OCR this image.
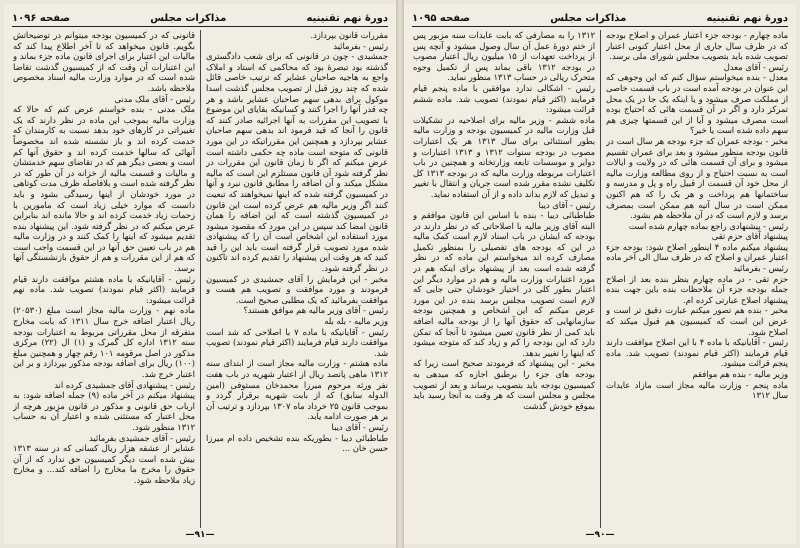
دورهٔ نهم تقنینیه
مذاکرات مجلس
صفحه ۱۰۹۶

مقررات قانون بپردازد.

رئیس - بفرمائید

جمشیدی - چون در قانونی که برای شعب دادگستری گذشته بود تبصرهٔ بود که محاکمی که استاد و املاک واجع به هاجیه صاحبان عشایر که ترتیب خاصی قائل شده که چند روز قبل از تصویب مجلس گذشت اسدا موکول برای بدهی سهم صاحبان عشایر باشد و هر چه قدر آنها را اجرا کنند و کسانیکه بقایای این موضوع با تصویب این مقررات به آنها اجرائیه صادر کنند که قانون را آنجا که قید فرمود اند بدهی سهم صاحبان عشایر بپردازد و همچنین این مقرراتیکه در این مورد قانونی که متوجه است ماده چه حکمی داشته است عرض میکنم که اگر تا زمان قانون این مقررات در نظر گرفته شود آن قانون مستلزم این است که مالیه مشکل میکند و آن اضافه را مطابق قانون نبرد و آنها در کمیسیون گرفته شده که اینها نمیخواهند که تبعیت کنند اگر وزیر مالیه هم عرض کرده است این قانون در کمیسیون گذشته است که این اضافه را همان قانون امضا کند سپس در این مورد که مقصود میشود مورد استفاده این اشخاص است آن را که پیشنهادی شده مورد تصویب قرار گرفته است باید این را قید کنید که هر وقت این پیشنهاد را تقدیم کرده اند تاکنون در نظر گرفته شود.

مخبر - این فرمایش را آقای جمشیدی در کمیسیون فرمودند و مورد موافقت و تصویب هم هست و موافقت بفرمائید که یک مطلبی صحیح است.

رئیس - آقای وزیر مالیه هم موافق هستند؟

وزیر مالیه - بله بله

رئیس - آقایانیکه با ماده ۷ با اصلاحی که شد است موافقت دارند قیام فرمایند (اکثر قیام نمودند) تصویب شد.

ماده هشتم - وزارت مالیه مجاز است از ابتدای سنه ۱۳۱۲ ماهی پانصد ریال از اعتبار شهریه در باب هفت نفر ورثه مرحوم میرزا محمدخان مستوفی (امین الدوله سابق) که از بابت شهریه برقرار گردد و بموجب قانون ۲۵ خرداد ماه ۱۳۰۷ بپردازد و ترتیب آن بر هر صورت ادامه یابد.

رئیس - آقای دیبا

طباطبائی دیبا - بطوریکه بنده تشخیص داده ام میرزا حسن خان ...

قانونی که در کمیسیون بودجه میتوانم در توضیحاتش بگویم. قانون میخواهد که تا آخر اطلاع پیدا کند که مالیات این اعتبار برای اجرای قانون ماده جزء بماند و این اعتبارات آن وقت که از کمیسیون گذشت تقاضا شده است که در موارد وزارت مالیه اسناد مخصوص ملاحظه باشد.

رئیس - آقای ملک مدنی

ملک مدنی - بنده خواستم عرض کنم که حالا که وزارت مالیه بموجب این ماده در نظر دارند که یک تغییراتی در کارهای خود بدهد نسبت به کارمندان که خدمت کرده اند و باز نشسته شده اند مخصوصاً آنهائی که سالها خدمت کرده اند و حقوق آنها کم است و بعضی دیگر هم که در تقاضای سهم خدمتشان و مالیات و قسمت مالیه از خزانه در آن طور که در نظر گرفته شده است و بلافاصله ظرف مدت کوتاهی در مورد خودشان از اینها رسیدگی بشود و باید دانست که موارد خیلی زیاد است که مامورین با زحمات زیاد خدمت کرده اند و حالا مانده اند بنابراین عرض میکنم که در نظر گرفته شود. این پیشنهاد بنده تقدیم میشود که اینها را کمک کنند و در وزارت مالیه هم در باب تعیین حق آنها در این قسمت واجب است که هم از این مقررات و هم از حقوق بازنشستگی آنها برسد.

رئیس - آقایانیکه با ماده هشتم موافقت دارند قیام فرمایند (اکثر قیام نمودند) تصویب شد. ماده نهم قرائت میشود:

ماده نهم - وزارت مالیه مجاز است مبلغ (۲۰۵۳۰) ریال اعتبار اضافه خرج سال ۱۳۱۱ که بابت مخارج متفرقه از محل مقرراتی مربوط به اعتبارات بودجه سنه ۱۳۱۲ اداره کل گمرک و (۱) ال (۲۲) مرکزی مذکور در اصل مرقومه ۱۰۱ رقم چهار و همچنین مبلغ (۱۰۰) ریال برای اضافه بودجه مذکور بپردازد و بر این اعتبار خرج شد.

رئیس - پیشنهادی آقای جمشیدی کرده اند

پیشنهاد میکنم در آخر ماده (۹) جمله اضافه شود: به ارباب حق قانونی و مذکور در قانون مزبور هرچه از محل اعتبار که مستثنی شده و اعتبار آن به حساب ۱۳۱۲ منظور شود.

رئیس - آقای جمشیدی بفرمائید

عشایر از عشقه هزار ریال کسانی که در سنه ۱۳۱۳ بیش شده است دیگر کمیسیون حق ندارد که از آن حقوق را مخرج ما مخارج را اضافه کند... و مخارج زیاد ملاحظه شود.

—۹۱—
دورهٔ نهم تقنینیه
مذاکرات مجلس
صفحه ۱۰۹۵

ماده چهارم - بودجه جزء اعتبار عمران و اصلاح بودجه که در ظرف سال جاری از محل اعتبار کنونی اعتبار تصویب شده باید بتصویب مجلس شورای ملی برسد.

رئیس - آقای معدل

معدل - بنده میخواستم سؤال کنم که این وجوهی که این عنوان در بودجه آمده است در باب قسمت خاصی از مملکت صرف میشود و یا اینکه یک جا در یک محل تمرکز دارد و اگر در آن قسمت هائی که احتیاج بوده است مصرف میشود و آیا از این قسمتها چیزی هم سهم داده شده است یا خیر؟

مخبر - بودجه عمران که جزء بودجه هر سال است در قانون بودجه منظور میشود و بعد برای عمران تقسیم میشود و برای آن قسمت هائی که در ولایت و ایالات است به نسبت احتیاج و از روی مطالعه وزارت مالیه از محل خود آن قسمت از قبیل راه و پل و مدرسه و ساختمانها هم پرداخت و هر یک را که هم اکنون ممکن است در سال آتیه هم ممکن است بمصرف برسد و لازم است که در آن ملاحظه هم بشود.

رئیس - پیشنهادی راجع بماده چهارم شده است

پیشنهاد آقای حزم تقی

پیشنهاد میکنم ماده ۴ اینطور اصلاح شود: بودجه جزء اعتبار عمران و اصلاح که در ظرف سال الی آخر ماده

رئیس - بفرمائید

حزم تقی - در ماده چهارم بنظر بنده بعد از اصلاح جمله بودجه جزء آن ملاحظات بنده باین جهت بنده پیشنهاد اصلاح عبارتی کرده ام.

مخبر - بنده هم تصور میکنم عبارت دقیق تر است و عرض این است که کمیسیون هم قبول میکند که اصلاح شود.

رئیس - آقایانیکه با ماده ۴ با این اصلاح موافقت دارند قیام فرمایند (اکثر قیام نمودند) تصویب شد. ماده پنجم قرائت میشود.

وزیر مالیه - بنده هم موافقم

ماده پنجم - وزارت مالیه مجاز است مازاد عایدات سال ۱۳۱۲

۱۳۱۲ را به مصارفی که بابت عایدات سنه مزبور پس از ختم دورهٔ عمل آن سال وصول میشود و آنچه پس از پرداخت تعهدات از ۱۵ میلیون ریال اعتبار مصوب در بودجه ۱۳۱۲ باقی بماند پس از تکمیل وجوه متحرک ریالی در حساب ۱۳۱۳ منظور نماید.

رئیس - اشکالی ندارد موافقین با ماده پنجم قیام فرمایند (اکثر قیام نمودند) تصویب شد. ماده ششم قرائت میشود:

ماده ششم - وزیر مالیه برای اصلاحیه در تشکیلات قبل وزارت مالیه در کمیسیون بودجه و وزارت مالیه بطور استثنائی برای سال ۱۳۱۳ هر یک اعتبارات مصوب در بودجه سنوات ۱۳۱۲ و ۱۳۱۳ اعتبارات و دوایر و موسسات تابعه وزارتخانه و همچنین در باب اعتبارات مربوطه وزارت مالیه که در بودجه ۱۳۱۳ کل تکلیف نشده مقرر شده است جریان و انتقال با تغییر و تبدیل که لازم بداند داده و از آن استفاده نماید.

رئیس - آقای دیبا

طباطبائی دیبا - بنده با اساس این قانون موافقم و البته آقای وزیر مالیه با اصلاحاتی که در نظر دارند در بودجه که ایشان در باب اسناد لازم است کمک مالیه در این که بودجه های تفصیلی را بمنظور تکمیل مصارف کرده اند میخواستم این ماده که در نظر گرفته شده است بعد از پیشنهاد برای اینکه هم در مورد اعتبارات وزارت مالیه و هم در موارد دیگر این اعتبار بطور کلی در اختیار خودشان حتی جایی که لازم است تصویب مجلس برسد بنده در این مورد عرض میکنم که این اشخاص و همچنین بودجه سازمانهایی که حقوق آنها را از بودجه مالیه اضافه باید کمی از نظر قانون تعیین میشود تا آنجا که تمکن دارد که این بودجه را کم و زیاد کند که متوجه میشود که اینها را تغییر بدهد.

مخبر - این پیشنهاد که فرمودند صحیح است زیرا که بودجه های جزء را برطبق اجازه که میدهی به کمیسیون بودجه باید بتصویب برساند و بعد از تصویب مجلس و مجلس است که هر وقت به آنجا رسید باید بموقع خودش گذشت

—۹۰—
